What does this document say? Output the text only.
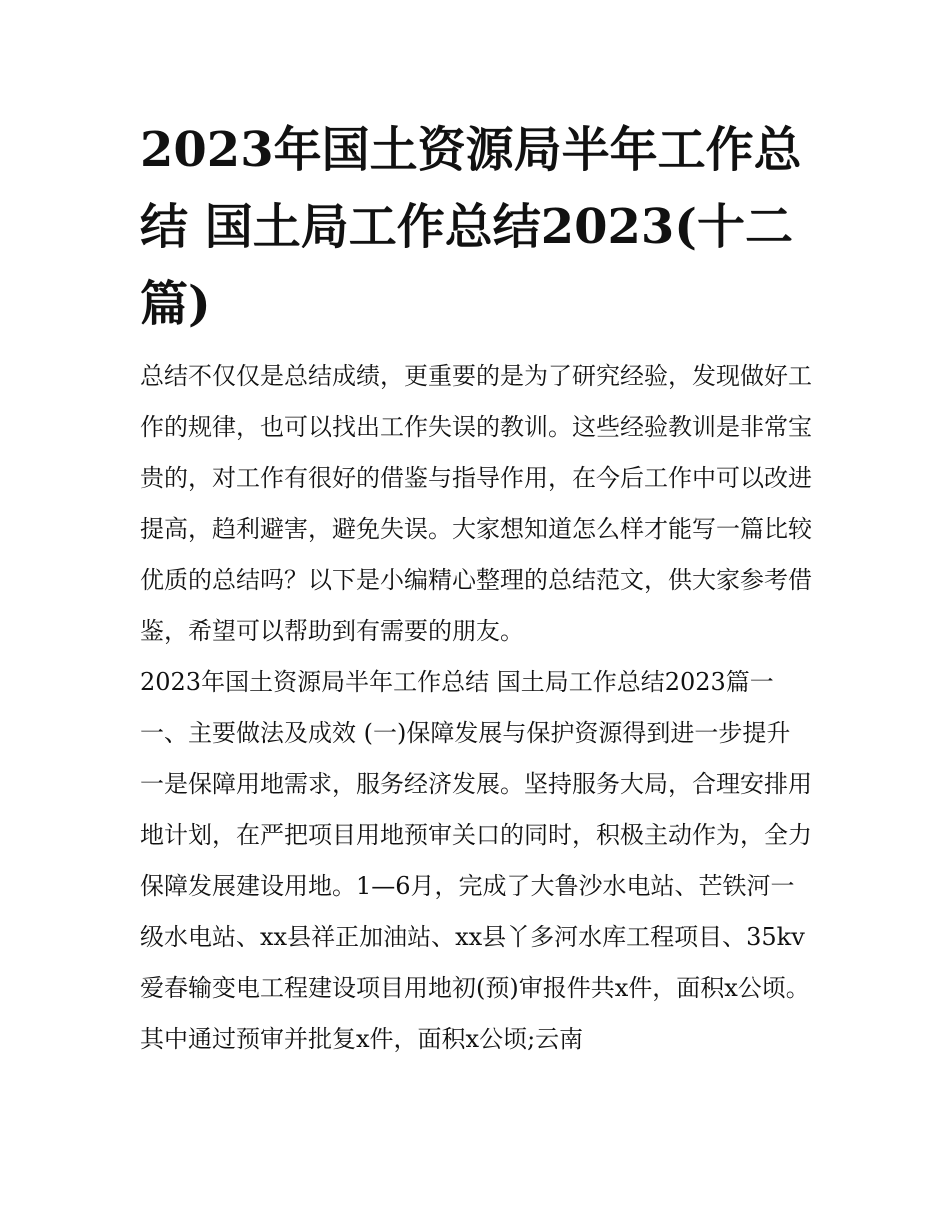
2023年国土资源局半年工作总结 国土局工作总结2023(十二篇)

总结不仅仅是总结成绩，更重要的是为了研究经验，发现做好工作的规律，也可以找出工作失误的教训。这些经验教训是非常宝贵的，对工作有很好的借鉴与指导作用，在今后工作中可以改进提高，趋利避害，避免失误。大家想知道怎么样才能写一篇比较优质的总结吗？以下是小编精心整理的总结范文，供大家参考借鉴，希望可以帮助到有需要的朋友。

2023年国土资源局半年工作总结 国土局工作总结2023篇一

一、主要做法及成效 (一)保障发展与保护资源得到进一步提升

一是保障用地需求，服务经济发展。坚持服务大局，合理安排用地计划，在严把项目用地预审关口的同时，积极主动作为，全力保障发展建设用地。1—6月，完成了大鲁沙水电站、芒铁河一级水电站、xx县祥正加油站、xx县丫多河水库工程项目、35kv爱春输变电工程建设项目用地初(预)审报件共x件，面积x公顷。其中通过预审并批复x件，面积x公顷;云南
